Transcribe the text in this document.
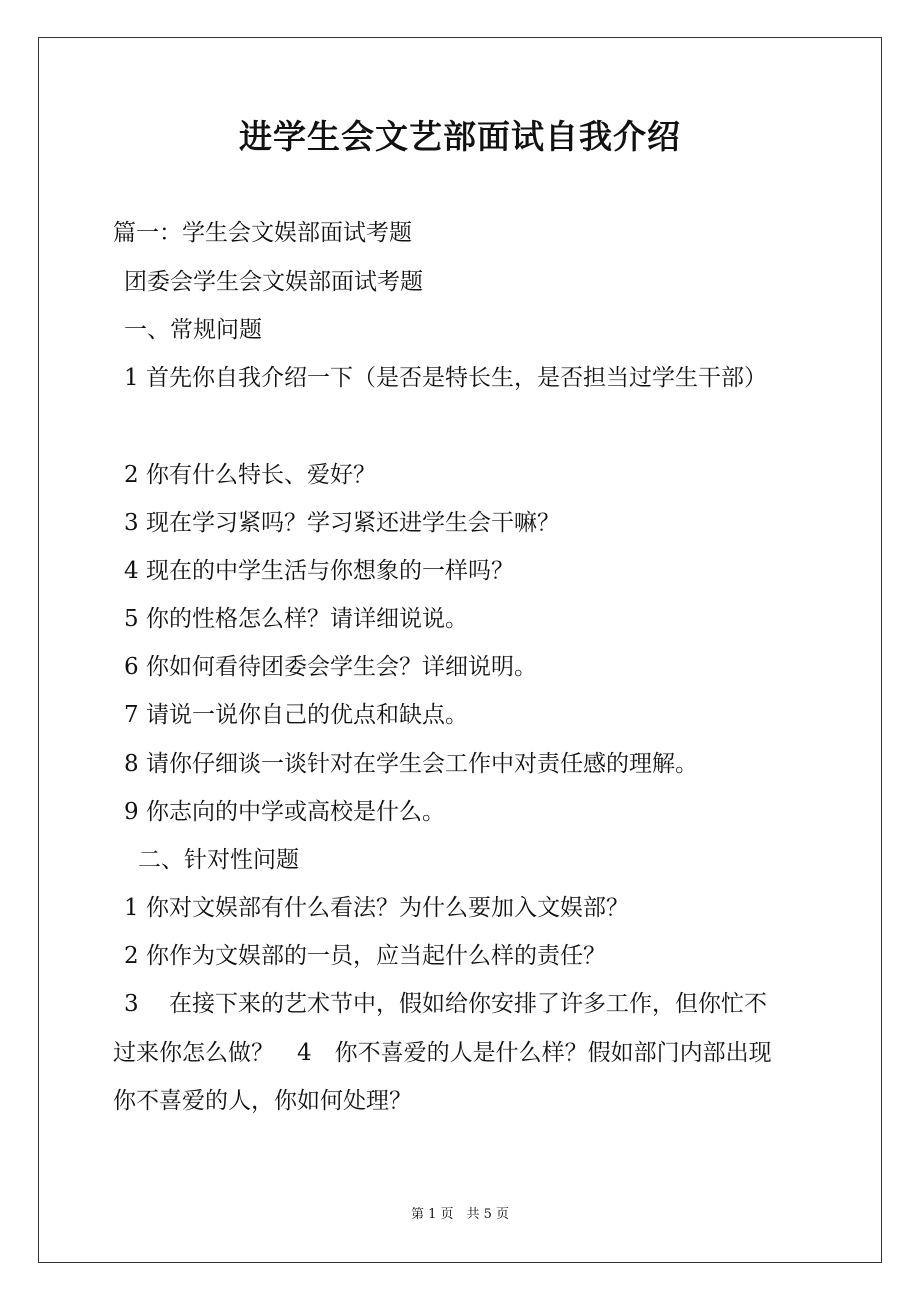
进学生会文艺部面试自我介绍

篇一：学生会文娱部面试考题

团委会学生会文娱部面试考题

一、常规问题

1 首先你自我介绍一下（是否是特长生，是否担当过学生干部）

2 你有什么特长、爱好？

3 现在学习紧吗？学习紧还进学生会干嘛？

4 现在的中学生活与你想象的一样吗？

5 你的性格怎么样？请详细说说。

6 你如何看待团委会学生会？详细说明。

7 请说一说你自己的优点和缺点。

8 请你仔细谈一谈针对在学生会工作中对责任感的理解。

9 你志向的中学或高校是什么。

二、针对性问题

1 你对文娱部有什么看法？为什么要加入文娱部？

2 你作为文娱部的一员，应当起什么样的责任？

3　 在接下来的艺术节中，假如给你安排了许多工作，但你忙不

过来你怎么做？　4　你不喜爱的人是什么样？假如部门内部出现

你不喜爱的人，你如何处理？

第 1 页　共 5 页
